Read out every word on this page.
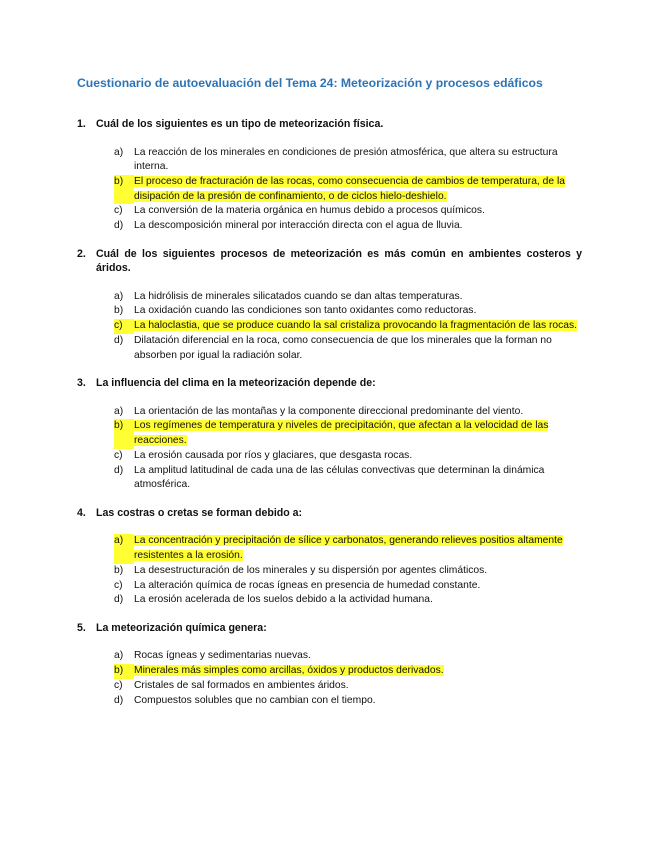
Cuestionario de autoevaluación del Tema 24: Meteorización y procesos edáficos
1. Cuál de los siguientes es un tipo de meteorización física.
a)	La reacción de los minerales en condiciones de presión atmosférica, que altera su estructura interna.
b)	El proceso de fracturación de las rocas, como consecuencia de cambios de temperatura, de la disipación de la presión de confinamiento, o de ciclos hielo-deshielo.
c)	La conversión de la materia orgánica en humus debido a procesos químicos.
d)	La descomposición mineral por interacción directa con el agua de lluvia.
2. Cuál de los siguientes procesos de meteorización es más común en ambientes costeros y áridos.
a)	La hidrólisis de minerales silicatados cuando se dan altas temperaturas.
b)	La oxidación cuando las condiciones son tanto oxidantes como reductoras.
c)	La haloclastia, que se produce cuando la sal cristaliza provocando la fragmentación de las rocas.
d)	Dilatación diferencial en la roca, como consecuencia de que los minerales que la forman no absorben por igual la radiación solar.
3. La influencia del clima en la meteorización depende de:
a)	La orientación de las montañas y la componente direccional predominante del viento.
b)	Los regímenes de temperatura y niveles de precipitación, que afectan a la velocidad de las reacciones.
c)	La erosión causada por ríos y glaciares, que desgasta rocas.
d)	La amplitud latitudinal de cada una de las células convectivas que determinan la dinámica atmosférica.
4. Las costras o cretas se forman debido a:
a)	La concentración y precipitación de sílice y carbonatos, generando relieves positios altamente resistentes a la erosión.
b)	La desestructuración de los minerales y su dispersión por agentes climáticos.
c)	La alteración química de rocas ígneas en presencia de humedad constante.
d)	La erosión acelerada de los suelos debido a la actividad humana.
5. La meteorización química genera:
a)	Rocas ígneas y sedimentarias nuevas.
b)	Minerales más simples como arcillas, óxidos y productos derivados.
c)	Cristales de sal formados en ambientes áridos.
d)	Compuestos solubles que no cambian con el tiempo.
